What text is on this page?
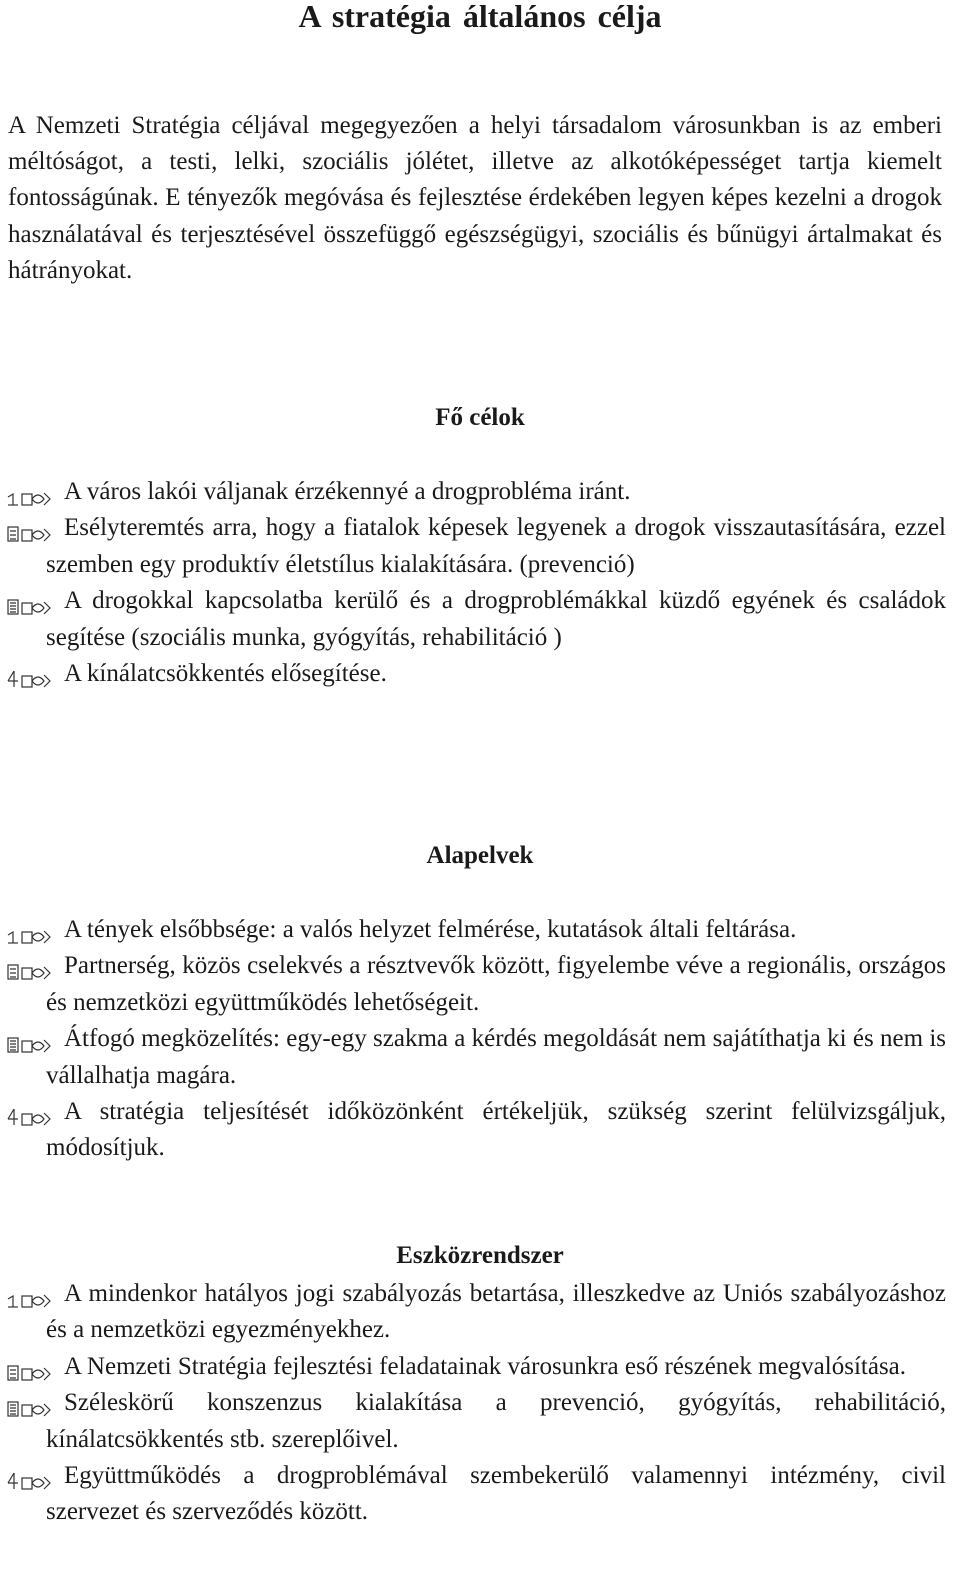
A stratégia általános célja
A Nemzeti Stratégia céljával megegyezően a helyi társadalom városunkban is az emberi méltóságot, a testi, lelki, szociális jólétet, illetve az alkotóképességet tartja kiemelt fontosságúnak. E tényezők megóvása és fejlesztése érdekében legyen képes kezelni a drogok használatával és terjesztésével összefüggő egészségügyi, szociális és bűnügyi ártalmakat és hátrányokat.
Fő célok
A város lakói váljanak érzékennyé a drogprobléma iránt.
Esélyteremtés arra, hogy a fiatalok képesek legyenek a drogok visszautasítására, ezzel szemben egy produktív életstílus kialakítására. (prevenció)
A drogokkal kapcsolatba kerülő és a drogproblémákkal küzdő egyének és családok segítése (szociális munka, gyógyítás, rehabilitáció )
A kínálatcsökkentés elősegítése.
Alapelvek
A tények elsőbbsége: a valós helyzet felmérése, kutatások általi feltárása.
Partnerség, közös cselekvés a résztvevők között, figyelembe véve a regionális, országos és nemzetközi együttműködés lehetőségeit.
Átfogó megközelítés: egy-egy szakma a kérdés megoldását nem sajátíthatja ki és nem is vállalhatja magára.
A stratégia teljesítését időközönként értékeljük, szükség szerint felülvizsgáljuk, módosítjuk.
Eszközrendszer
A mindenkor hatályos jogi szabályozás betartása, illeszkedve az Uniós szabályozáshoz és a nemzetközi egyezményekhez.
A Nemzeti Stratégia fejlesztési feladatainak városunkra eső részének megvalósítása.
Széleskörű konszenzus kialakítása a prevenció, gyógyítás, rehabilitáció, kínálatcsökkentés stb. szereplőivel.
Együttműködés a drogproblémával szembekerülő valamennyi intézmény, civil szervezet és szerveződés között.
